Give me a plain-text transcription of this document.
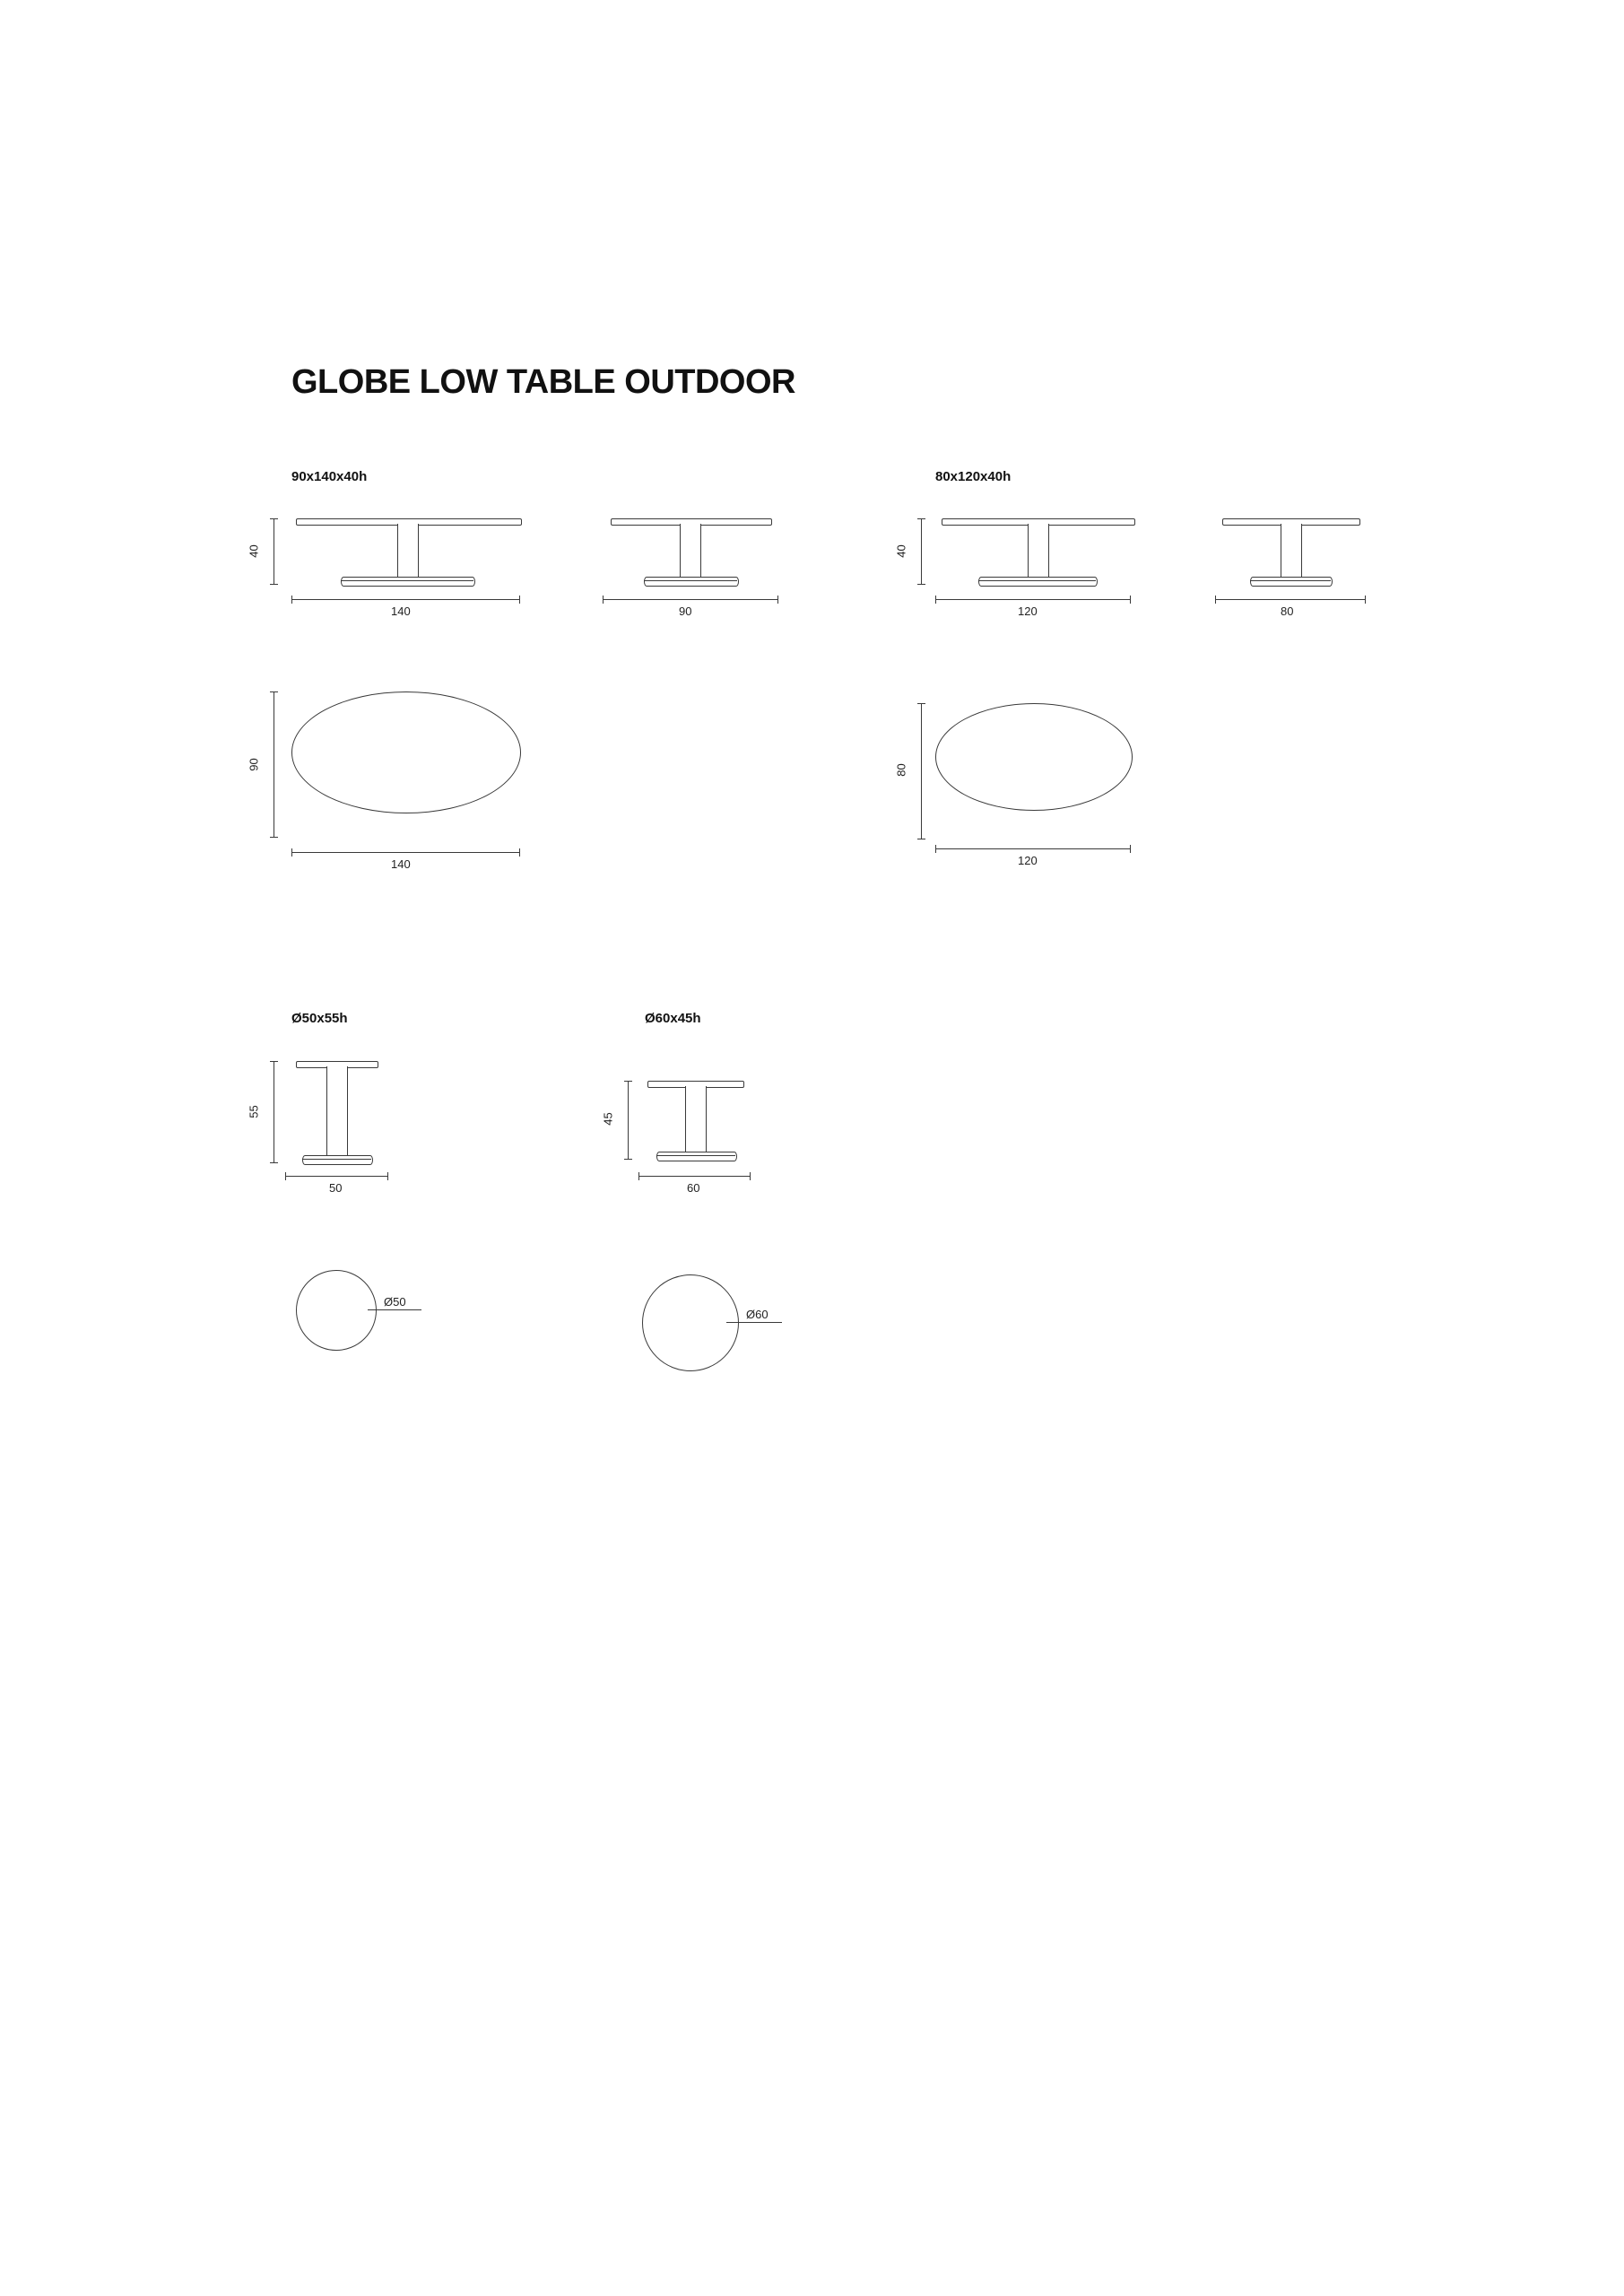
GLOBE LOW TABLE OUTDOOR
90x140x40h
40
140	90
90
140
80x120x40h
40
120	80
80
120
Ø50x55h
55
50
Ø50
Ø60x45h
45
60
Ø60
